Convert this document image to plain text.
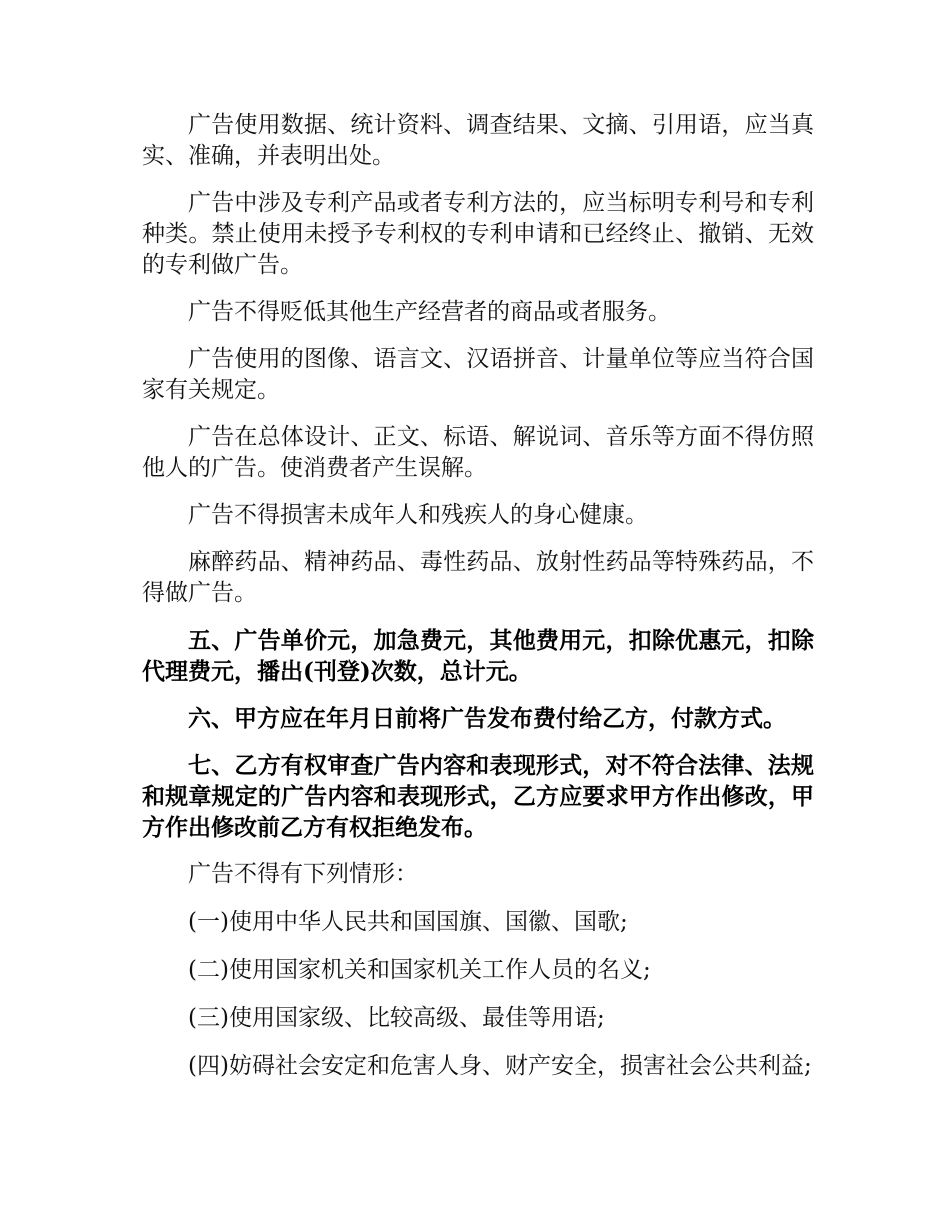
广告使用数据、统计资料、调查结果、文摘、引用语，应当真实、准确，并表明出处。

广告中涉及专利产品或者专利方法的，应当标明专利号和专利种类。禁止使用未授予专利权的专利申请和已经终止、撤销、无效的专利做广告。

广告不得贬低其他生产经营者的商品或者服务。

广告使用的图像、语言文、汉语拼音、计量单位等应当符合国家有关规定。

广告在总体设计、正文、标语、解说词、音乐等方面不得仿照他人的广告。使消费者产生误解。

广告不得损害未成年人和残疾人的身心健康。

麻醉药品、精神药品、毒性药品、放射性药品等特殊药品，不得做广告。

五、广告单价元，加急费元，其他费用元，扣除优惠元，扣除代理费元，播出(刊登)次数，总计元。

六、甲方应在年月日前将广告发布费付给乙方，付款方式。

七、乙方有权审查广告内容和表现形式，对不符合法律、法规和规章规定的广告内容和表现形式，乙方应要求甲方作出修改，甲方作出修改前乙方有权拒绝发布。

广告不得有下列情形：

(一)使用中华人民共和国国旗、国徽、国歌;

(二)使用国家机关和国家机关工作人员的名义;

(三)使用国家级、比较高级、最佳等用语;

(四)妨碍社会安定和危害人身、财产安全，损害社会公共利益;
